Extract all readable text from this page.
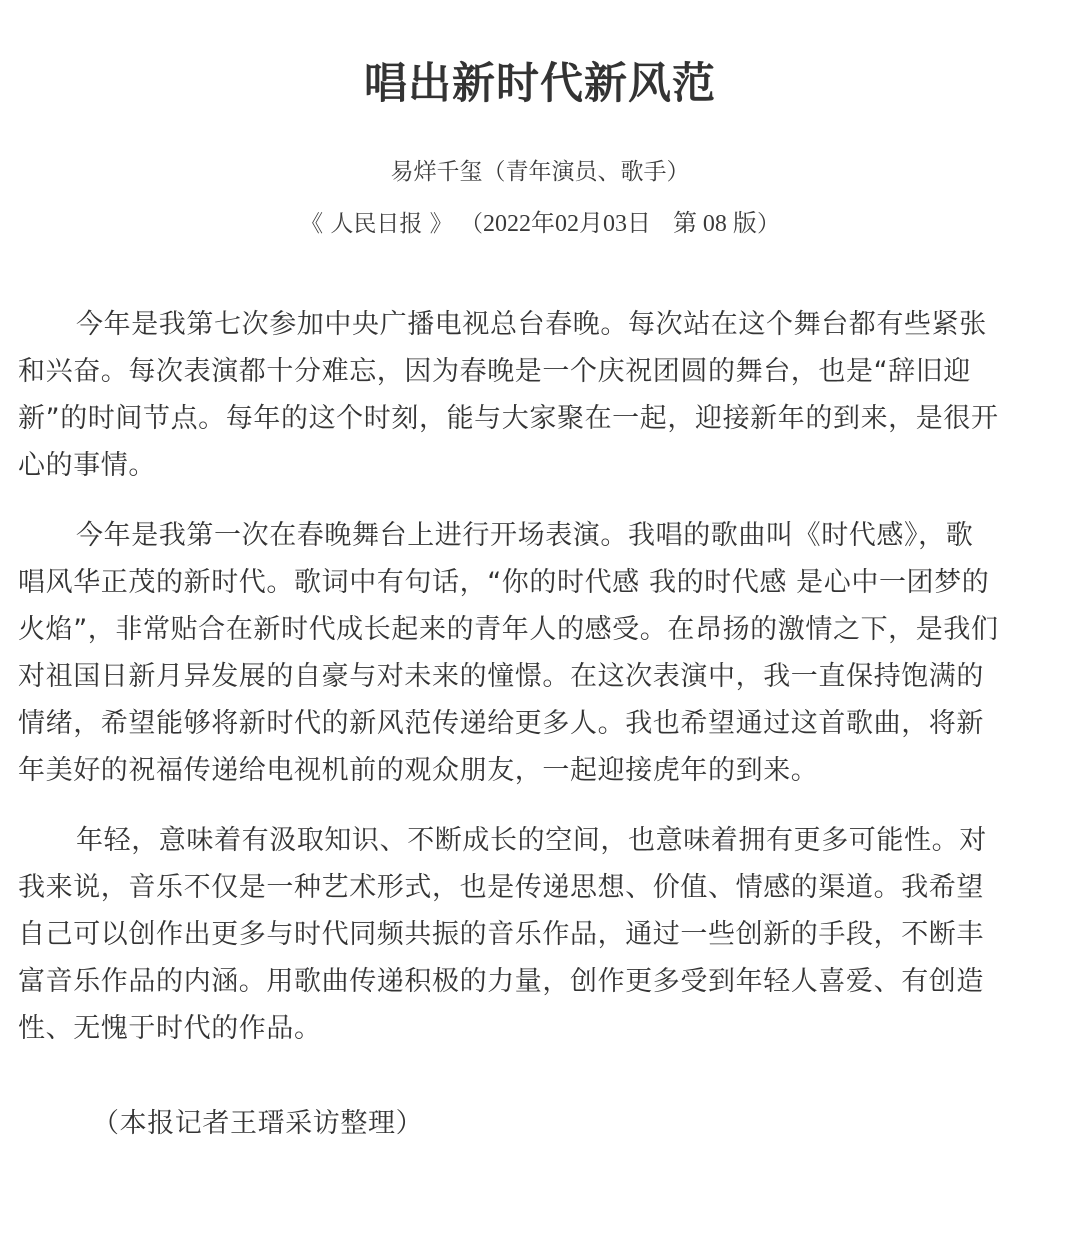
唱出新时代新风范
易烊千玺（青年演员、歌手）
《 人民日报 》 （2022年02月03日 第 08 版）
今年是我第七次参加中央广播电视总台春晚。每次站在这个舞台都有些紧张
和兴奋。每次表演都十分难忘，因为春晚是一个庆祝团圆的舞台，也是“辞旧迎
新”的时间节点。每年的这个时刻，能与大家聚在一起，迎接新年的到来，是很开
心的事情。
今年是我第一次在春晚舞台上进行开场表演。我唱的歌曲叫《时代感》，歌
唱风华正茂的新时代。歌词中有句话，“你的时代感 我的时代感 是心中一团梦的
火焰”，非常贴合在新时代成长起来的青年人的感受。在昂扬的激情之下，是我们
对祖国日新月异发展的自豪与对未来的憧憬。在这次表演中，我一直保持饱满的
情绪，希望能够将新时代的新风范传递给更多人。我也希望通过这首歌曲，将新
年美好的祝福传递给电视机前的观众朋友，一起迎接虎年的到来。
年轻，意味着有汲取知识、不断成长的空间，也意味着拥有更多可能性。对
我来说，音乐不仅是一种艺术形式，也是传递思想、价值、情感的渠道。我希望
自己可以创作出更多与时代同频共振的音乐作品，通过一些创新的手段，不断丰
富音乐作品的内涵。用歌曲传递积极的力量，创作更多受到年轻人喜爱、有创造
性、无愧于时代的作品。
（本报记者王瑨采访整理）
